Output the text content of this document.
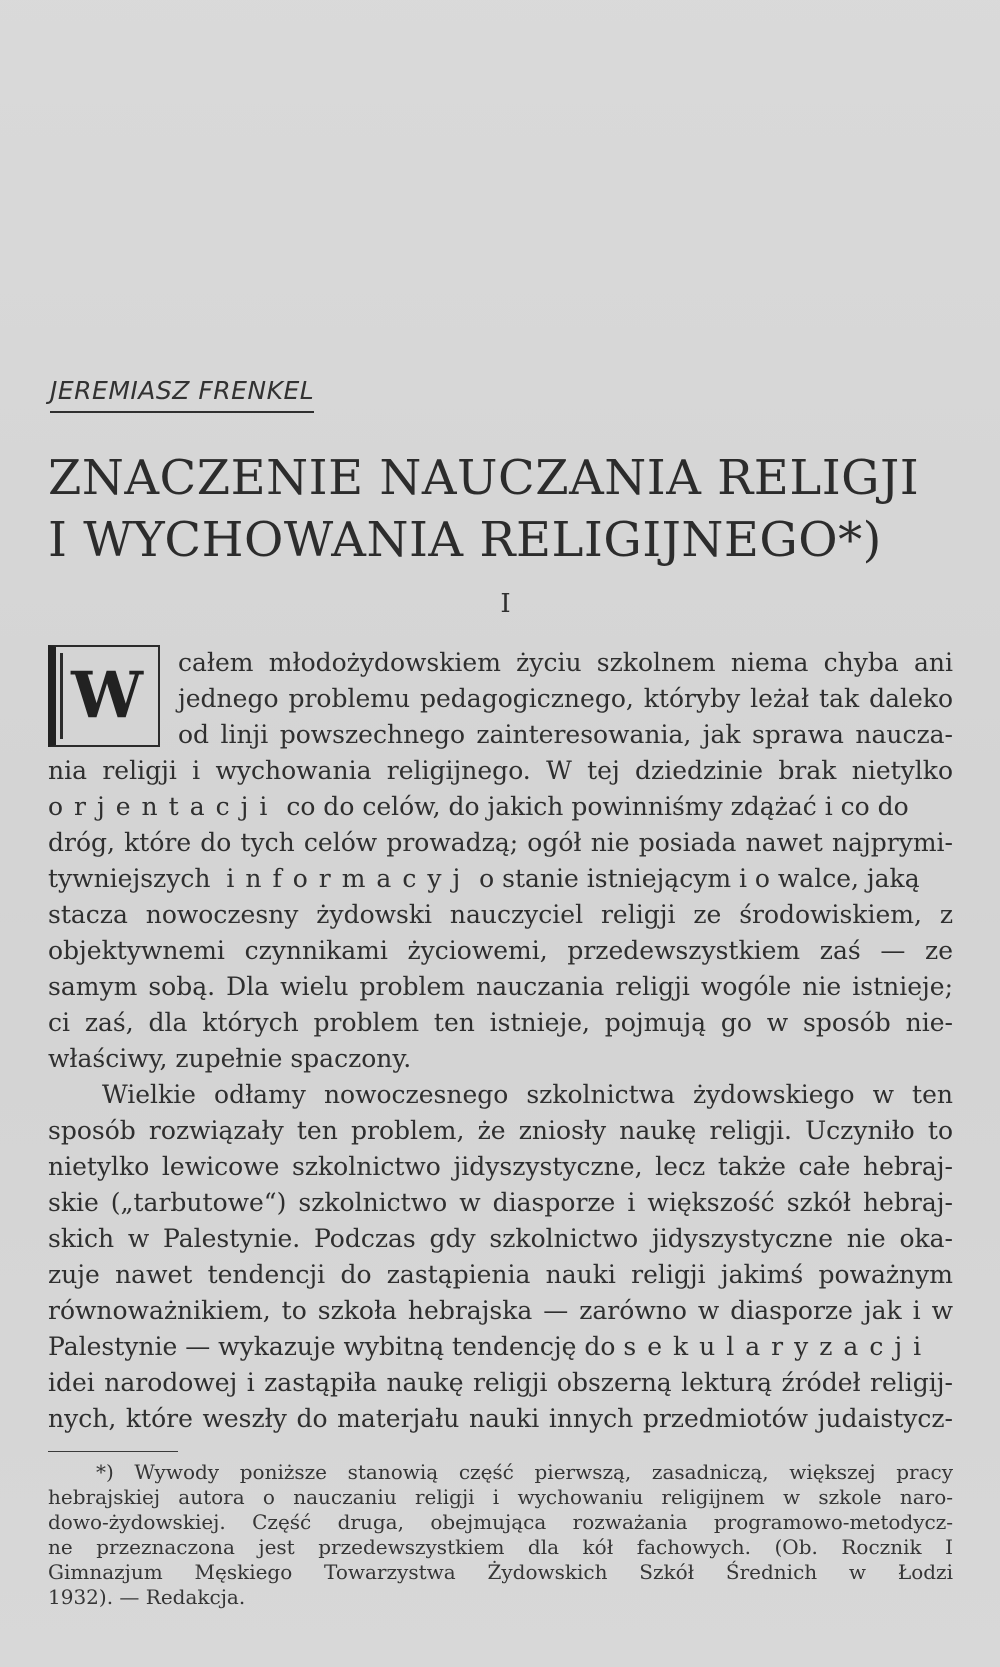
JEREMIASZ FRENKEL
ZNACZENIE NAUCZANIA RELIGJI
I WYCHOWANIA RELIGIJNEGO*)
I
W	całem młodożydowskiem życiu szkolnem niema chyba ani
jednego problemu pedagogicznego, któryby leżał tak daleko
od linji powszechnego zainteresowania, jak sprawa naucza-
nia religji i wychowania religijnego. W tej dziedzinie brak nietylko
orjentacji co do celów, do jakich powinniśmy zdążać i co do
dróg, które do tych celów prowadzą; ogół nie posiada nawet najprymi-
tywniejszych informacyj o stanie istniejącym i o walce, jaką
stacza nowoczesny żydowski nauczyciel religji ze środowiskiem, z
objektywnemi czynnikami życiowemi, przedewszystkiem zaś — ze
samym sobą. Dla wielu problem nauczania religji wogóle nie istnieje;
ci zaś, dla których problem ten istnieje, pojmują go w sposób nie-
właściwy, zupełnie spaczony.
Wielkie odłamy nowoczesnego szkolnictwa żydowskiego w ten
sposób rozwiązały ten problem, że zniosły naukę religji. Uczyniło to
nietylko lewicowe szkolnictwo jidyszystyczne, lecz także całe hebraj-
skie („tarbutowe“) szkolnictwo w diasporze i większość szkół hebraj-
skich w Palestynie. Podczas gdy szkolnictwo jidyszystyczne nie oka-
zuje nawet tendencji do zastąpienia nauki religji jakimś poważnym
równoważnikiem, to szkoła hebrajska — zarówno w diasporze jak i w
Palestynie — wykazuje wybitną tendencję do sekularyzacji
idei narodowej i zastąpiła naukę religji obszerną lekturą źródeł religij-
nych, które weszły do materjału nauki innych przedmiotów judaistycz-
*) Wywody poniższe stanowią część pierwszą, zasadniczą, większej pracy
hebrajskiej autora o nauczaniu religji i wychowaniu religijnem w szkole naro-
dowo-żydowskiej. Część druga, obejmująca rozważania programowo-metodycz-
ne przeznaczona jest przedewszystkiem dla kół fachowych. (Ob. Rocznik I
Gimnazjum Męskiego Towarzystwa Żydowskich Szkół Średnich w Łodzi
1932). — Redakcja.
